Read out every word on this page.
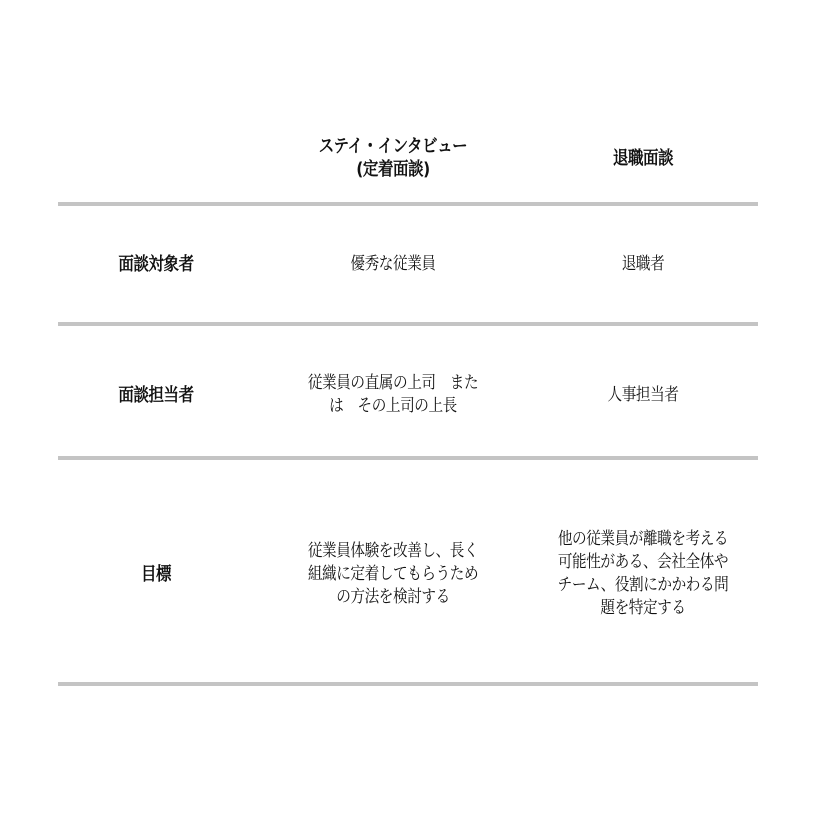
ステイ・インタビュー
(定着面談)
退職面談
面談対象者	優秀な従業員	退職者
面談担当者
従業員の直属の上司　また
は　その上司の上長
人事担当者
目標
従業員体験を改善し、長く
組織に定着してもらうため
の方法を検討する
他の従業員が離職を考える
可能性がある、会社全体や
チーム、役割にかかわる問
題を特定する
